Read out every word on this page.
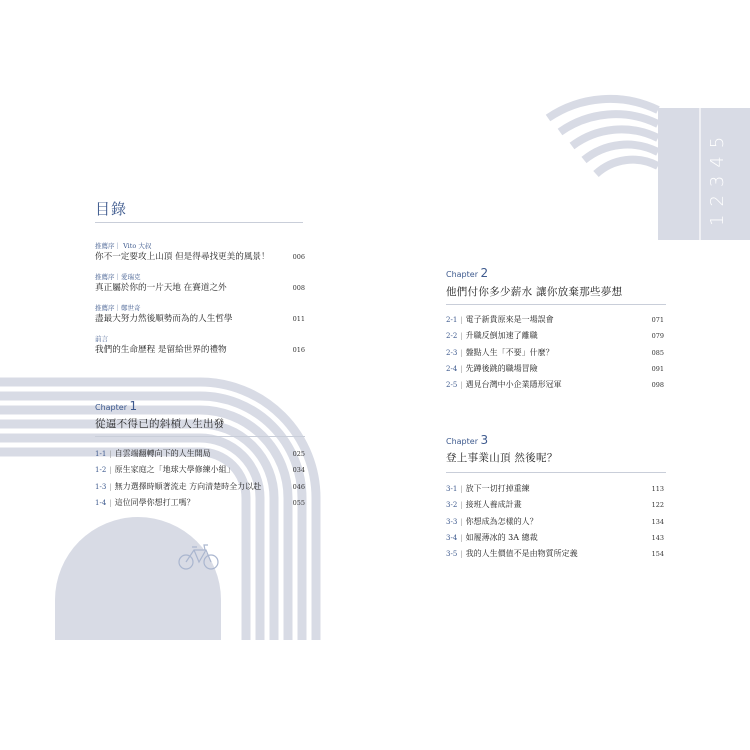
1
2
3
4
5
目錄
推薦序｜ Vito 大叔
你不一定要攻上山頂 但是得尋找更美的風景！	006
推薦序｜愛瑞克
真正屬於你的一片天地 在賽道之外	008
推薦序｜鄭世奇
盡最大努力然後順勢而為的人生哲學	011
前言
我們的生命歷程 是留給世界的禮物	016
Chapter 1
從逼不得已的斜槓人生出發
1-1 | 自雲端翻轉向下的人生開局	025
1-2 | 原生家庭之「地球大學修練小組」	034
1-3 | 無力選擇時順著流走 方向清楚時全力以赴	046
1-4 | 這位同學你想打工嗎？	055
Chapter 2
他們付你多少薪水 讓你放棄那些夢想
2-1 | 電子新貴原來是一場誤會	071
2-2 | 升職反倒加速了離職	079
2-3 | 盤點人生「不要」什麼？	085
2-4 | 先蹲後跳的職場冒險	091
2-5 | 遇見台灣中小企業隱形冠軍	098
Chapter 3
登上事業山頂 然後呢？
3-1 | 放下一切打掉重練	113
3-2 | 接班人養成計畫	122
3-3 | 你想成為怎樣的人？	134
3-4 | 如履薄冰的 3A 總裁	143
3-5 | 我的人生價值不是由物質所定義	154
